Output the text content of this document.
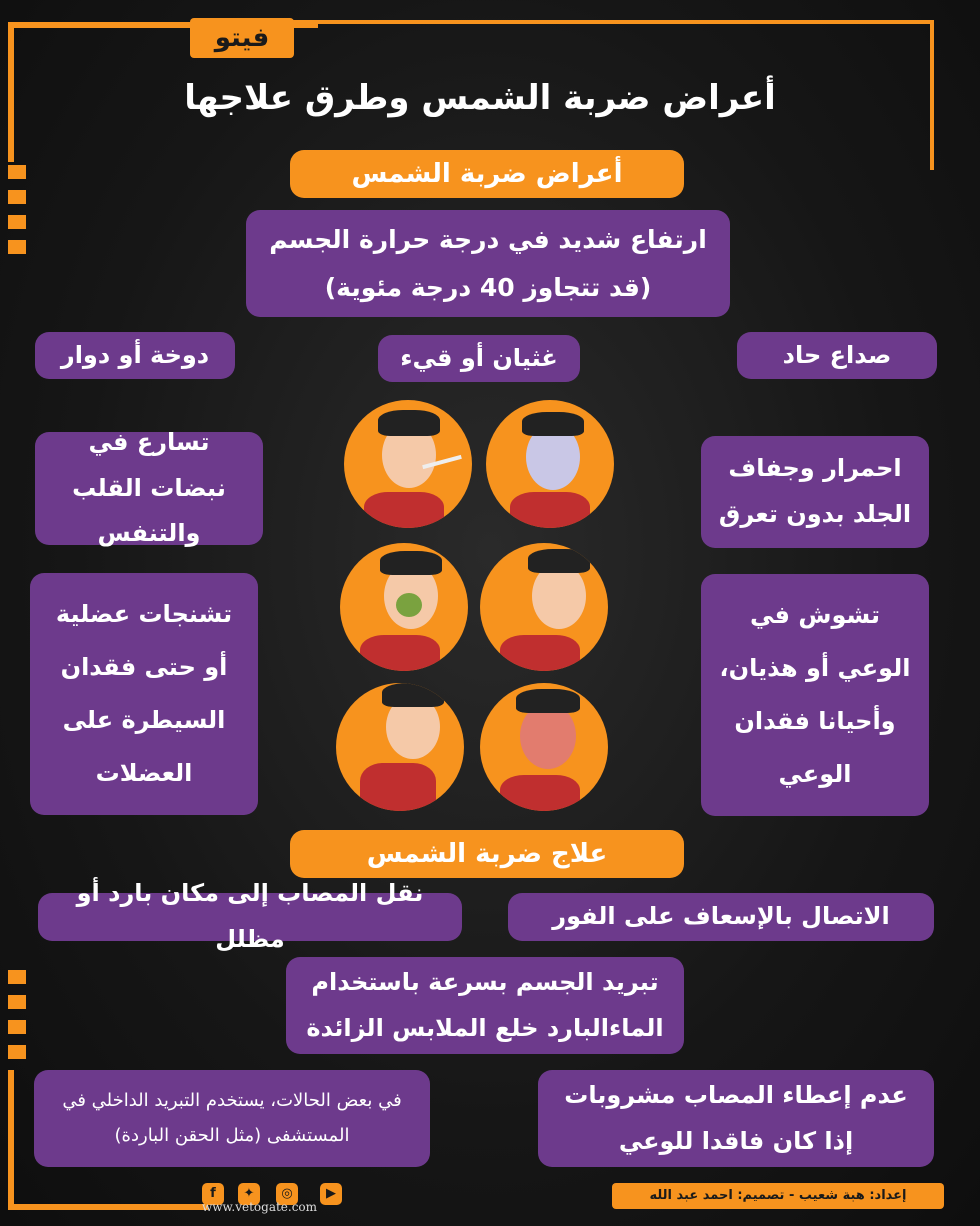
فيتو
أعراض ضربة الشمس وطرق علاجها
أعراض ضربة الشمس
ارتفاع شديد في درجة حرارة الجسم (قد تتجاوز 40 درجة مئوية)
صداع حاد
غثيان أو قيء
دوخة أو دوار
تسارع في نبضات القلب والتنفس
احمرار وجفاف الجلد بدون تعرق
تشنجات عضلية أو حتى فقدان السيطرة على العضلات
تشوش في الوعي أو هذيان، وأحيانا فقدان الوعي
علاج ضربة الشمس
الاتصال بالإسعاف على الفور
نقل المصاب إلى مكان بارد أو مظلل
تبريد الجسم بسرعة باستخدام الماءالبارد خلع الملابس الزائدة
عدم إعطاء المصاب مشروبات إذا كان فاقدا للوعي
في بعض الحالات، يستخدم التبريد الداخلي في المستشفى (مثل الحقن الباردة)
إعداد: هبة شعيب - تصميم: احمد عبد الله
▶
◎
✦
f
www.vetogate.com
